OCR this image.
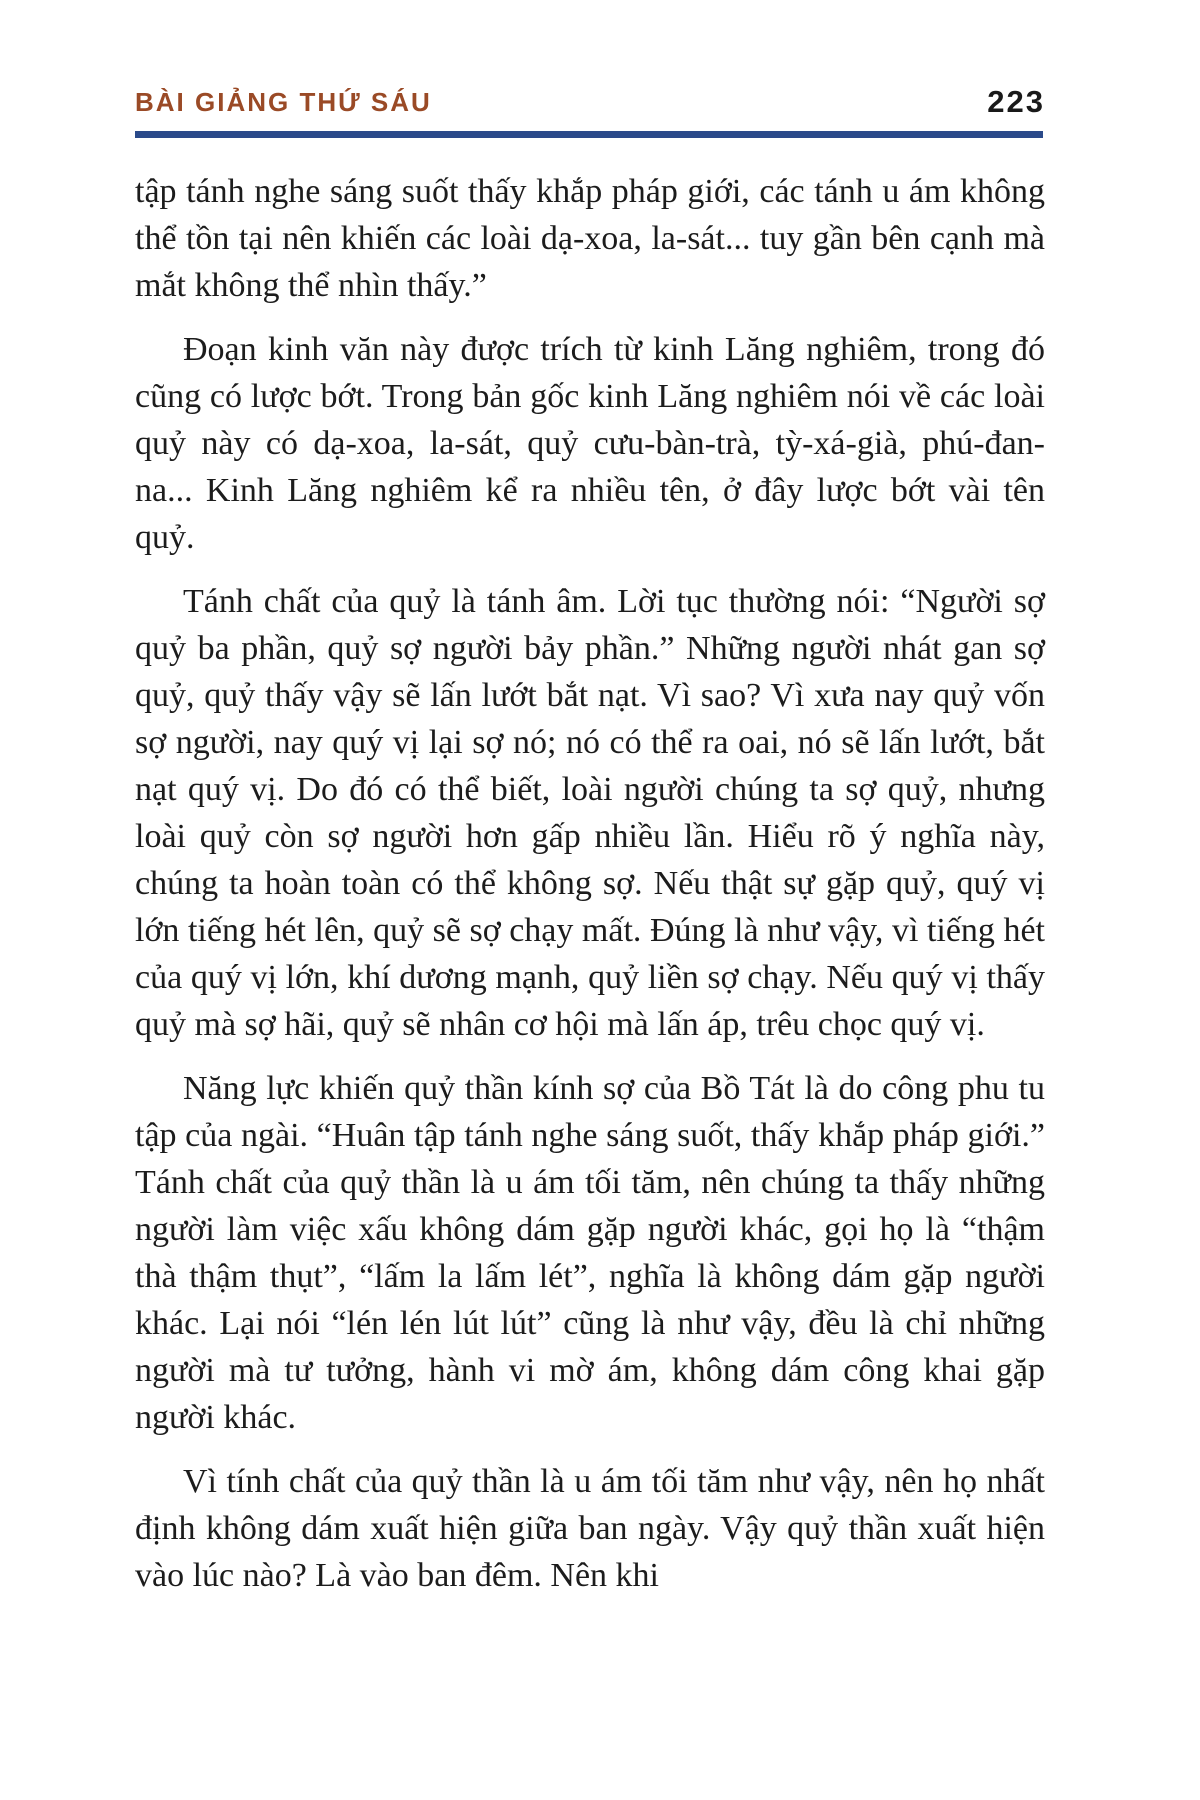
BÀI GIẢNG THỨ SÁU	223

tập tánh nghe sáng suốt thấy khắp pháp giới, các tánh u ám không thể tồn tại nên khiến các loài dạ-xoa, la-sát... tuy gần bên cạnh mà mắt không thể nhìn thấy.”

Đoạn kinh văn này được trích từ kinh Lăng nghiêm, trong đó cũng có lược bớt. Trong bản gốc kinh Lăng nghiêm nói về các loài quỷ này có dạ-xoa, la-sát, quỷ cưu-bàn-trà, tỳ-xá-già, phú-đan-na... Kinh Lăng nghiêm kể ra nhiều tên, ở đây lược bớt vài tên quỷ.

Tánh chất của quỷ là tánh âm. Lời tục thường nói: “Người sợ quỷ ba phần, quỷ sợ người bảy phần.” Những người nhát gan sợ quỷ, quỷ thấy vậy sẽ lấn lướt bắt nạt. Vì sao? Vì xưa nay quỷ vốn sợ người, nay quý vị lại sợ nó; nó có thể ra oai, nó sẽ lấn lướt, bắt nạt quý vị. Do đó có thể biết, loài người chúng ta sợ quỷ, nhưng loài quỷ còn sợ người hơn gấp nhiều lần. Hiểu rõ ý nghĩa này, chúng ta hoàn toàn có thể không sợ. Nếu thật sự gặp quỷ, quý vị lớn tiếng hét lên, quỷ sẽ sợ chạy mất. Đúng là như vậy, vì tiếng hét của quý vị lớn, khí dương mạnh, quỷ liền sợ chạy. Nếu quý vị thấy quỷ mà sợ hãi, quỷ sẽ nhân cơ hội mà lấn áp, trêu chọc quý vị.

Năng lực khiến quỷ thần kính sợ của Bồ Tát là do công phu tu tập của ngài. “Huân tập tánh nghe sáng suốt, thấy khắp pháp giới.” Tánh chất của quỷ thần là u ám tối tăm, nên chúng ta thấy những người làm việc xấu không dám gặp người khác, gọi họ là “thậm thà thậm thụt”, “lấm la lấm lét”, nghĩa là không dám gặp người khác. Lại nói “lén lén lút lút” cũng là như vậy, đều là chỉ những người mà tư tưởng, hành vi mờ ám, không dám công khai gặp người khác.

Vì tính chất của quỷ thần là u ám tối tăm như vậy, nên họ nhất định không dám xuất hiện giữa ban ngày. Vậy quỷ thần xuất hiện vào lúc nào? Là vào ban đêm. Nên khi
